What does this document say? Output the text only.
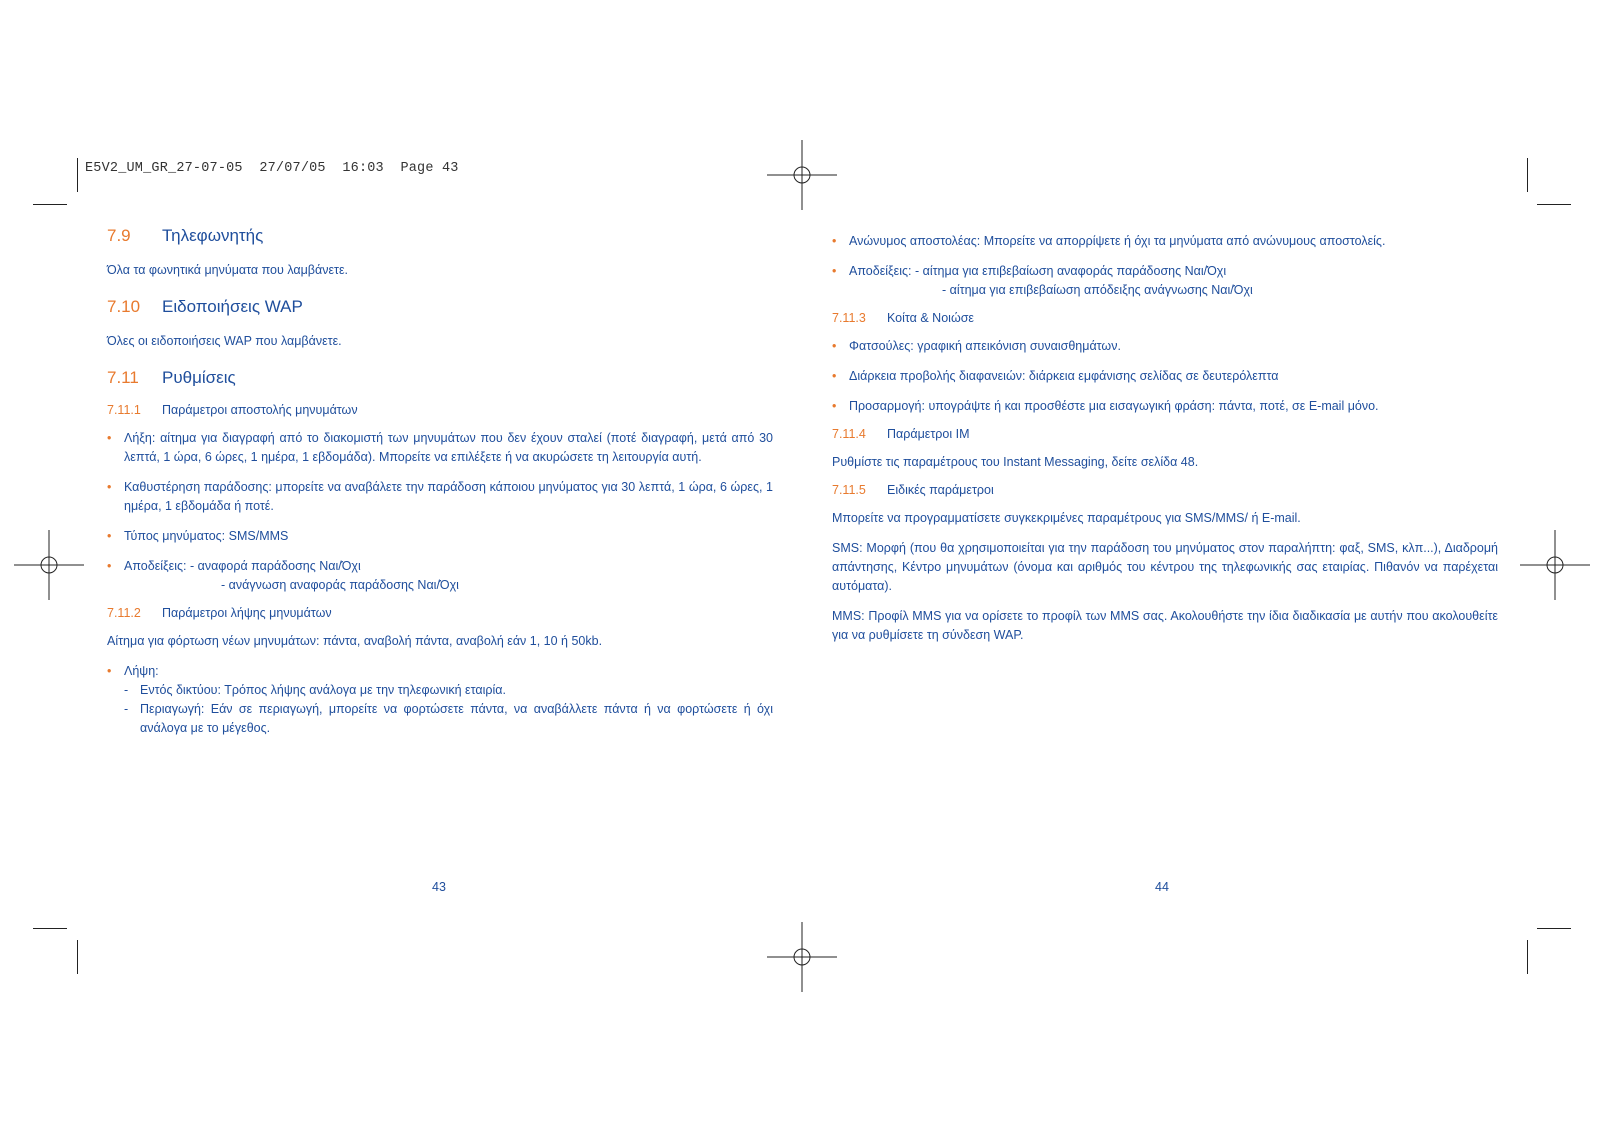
E5V2_UM_GR_27-07-05  27/07/05  16:03  Page 43
7.9	Τηλεφωνητής
Όλα τα φωνητικά μηνύματα που λαμβάνετε.
7.10	Ειδοποιήσεις WAP
Όλες οι ειδοποιήσεις WAP που λαμβάνετε.
7.11	Ρυθμίσεις
7.11.1	Παράμετροι αποστολής μηνυμάτων
• Λήξη: αίτημα για διαγραφή από το διακομιστή των μηνυμάτων που δεν έχουν σταλεί (ποτέ διαγραφή, μετά από 30 λεπτά, 1 ώρα, 6 ώρες, 1 ημέρα, 1 εβδομάδα). Μπορείτε να επιλέξετε ή να ακυρώσετε τη λειτουργία αυτή.
• Καθυστέρηση παράδοσης: μπορείτε να αναβάλετε την παράδοση κάποιου μηνύματος για 30 λεπτά, 1 ώρα, 6 ώρες, 1 ημέρα, 1 εβδομάδα ή ποτέ.
• Τύπος μηνύματος: SMS/MMS
• Αποδείξεις: - αναφορά παράδοσης Ναι/Όχι
- ανάγνωση αναφοράς παράδοσης Ναι/Όχι
7.11.2	Παράμετροι λήψης μηνυμάτων
Αίτημα για φόρτωση νέων μηνυμάτων: πάντα, αναβολή πάντα, αναβολή εάν 1, 10 ή 50kb.
• Λήψη:
- Εντός δικτύου: Τρόπος λήψης ανάλογα με την τηλεφωνική εταιρία.
- Περιαγωγή: Εάν σε περιαγωγή, μπορείτε να φορτώσετε πάντα, να αναβάλλετε πάντα ή να φορτώσετε ή όχι ανάλογα με το μέγεθος.
43
• Ανώνυμος αποστολέας: Μπορείτε να απορρίψετε ή όχι τα μηνύματα από ανώνυμους αποστολείς.
• Αποδείξεις: - αίτημα για επιβεβαίωση αναφοράς παράδοσης Ναι/Όχι
- αίτημα για επιβεβαίωση απόδειξης ανάγνωσης Ναι/Όχι
7.11.3	Κοίτα & Νοιώσε
• Φατσούλες: γραφική απεικόνιση συναισθημάτων.
• Διάρκεια προβολής διαφανειών: διάρκεια εμφάνισης σελίδας σε δευτερόλεπτα
• Προσαρμογή: υπογράψτε ή και προσθέστε μια εισαγωγική φράση: πάντα, ποτέ, σε E-mail μόνο.
7.11.4	Παράμετροι IM
Ρυθμίστε τις παραμέτρους του Instant Messaging, δείτε σελίδα 48.
7.11.5	Ειδικές παράμετροι
Μπορείτε να προγραμματίσετε συγκεκριμένες παραμέτρους για SMS/MMS/ ή E-mail.
SMS: Μορφή (που θα χρησιμοποιείται για την παράδοση του μηνύματος στον παραλήπτη: φαξ, SMS, κλπ...), Διαδρομή απάντησης, Κέντρο μηνυμάτων (όνομα και αριθμός του κέντρου της τηλεφωνικής σας εταιρίας. Πιθανόν να παρέχεται αυτόματα).
MMS: Προφίλ MMS για να ορίσετε το προφίλ των MMS σας. Ακολουθήστε την ίδια διαδικασία με αυτήν που ακολουθείτε για να ρυθμίσετε τη σύνδεση WAP.
44
